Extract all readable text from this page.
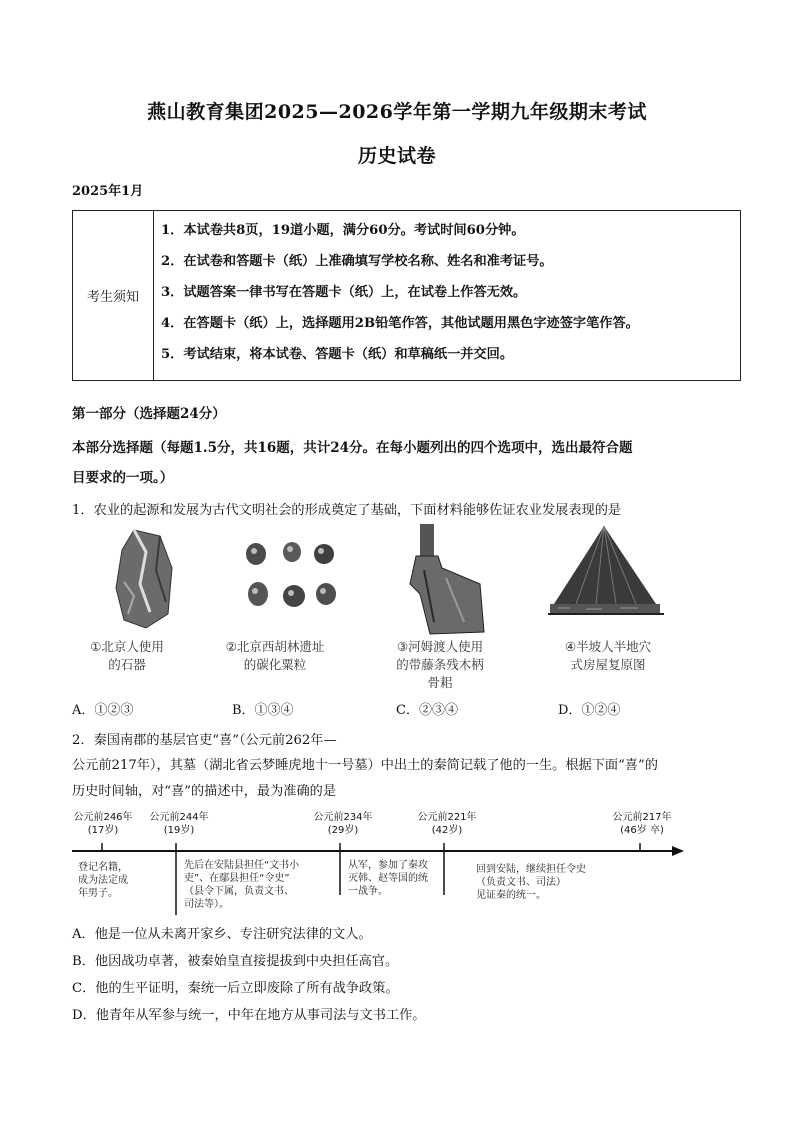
燕山教育集团2025—2026学年第一学期九年级期末考试
历史试卷
2025年1月
考生须知
1．本试卷共8页，19道小题，满分60分。考试时间60分钟。
2．在试卷和答题卡（纸）上准确填写学校名称、姓名和准考证号。
3．试题答案一律书写在答题卡（纸）上，在试卷上作答无效。
4．在答题卡（纸）上，选择题用2B铅笔作答，其他试题用黑色字迹签字笔作答。
5．考试结束，将本试卷、答题卡（纸）和草稿纸一并交回。
第一部分（选择题24分）
本部分选择题（每题1.5分，共16题，共计24分。在每小题列出的四个选项中，选出最符合题
目要求的一项。）
1．农业的起源和发展为古代文明社会的形成奠定了基础，下面材料能够佐证农业发展表现的是
①北京人使用
的石器
②北京西胡林遗址
的碳化粟粒
③河姆渡人使用
的带藤条残木柄
骨耜
④半坡人半地穴
式房屋复原图
A．①②③	B．①③④	C．②③④	D．①②④
2．秦国南郡的基层官吏“喜”（公元前262年—
公元前217年），其墓（湖北省云梦睡虎地十一号墓）中出土的秦简记载了他的一生。根据下面“喜”的
历史时间轴，对“喜”的描述中，最为准确的是
公元前246年
(17岁)
公元前244年
(19岁)
公元前234年
(29岁)
公元前221年
(42岁)
公元前217年
(46岁 卒)
登记名籍，
成为法定成
年男子。
先后在安陆县担任“文书小
吏”、在鄢县担任“令史”
（县令下属，负责文书、
司法等）。
从军，参加了秦攻
灭韩、赵等国的统
一战争。
回到安陆，继续担任令史
（负责文书、司法）
见证秦的统一。
A．他是一位从未离开家乡、专注研究法律的文人。
B．他因战功卓著，被秦始皇直接提拔到中央担任高官。
C．他的生平证明，秦统一后立即废除了所有战争政策。
D．他青年从军参与统一，中年在地方从事司法与文书工作。
